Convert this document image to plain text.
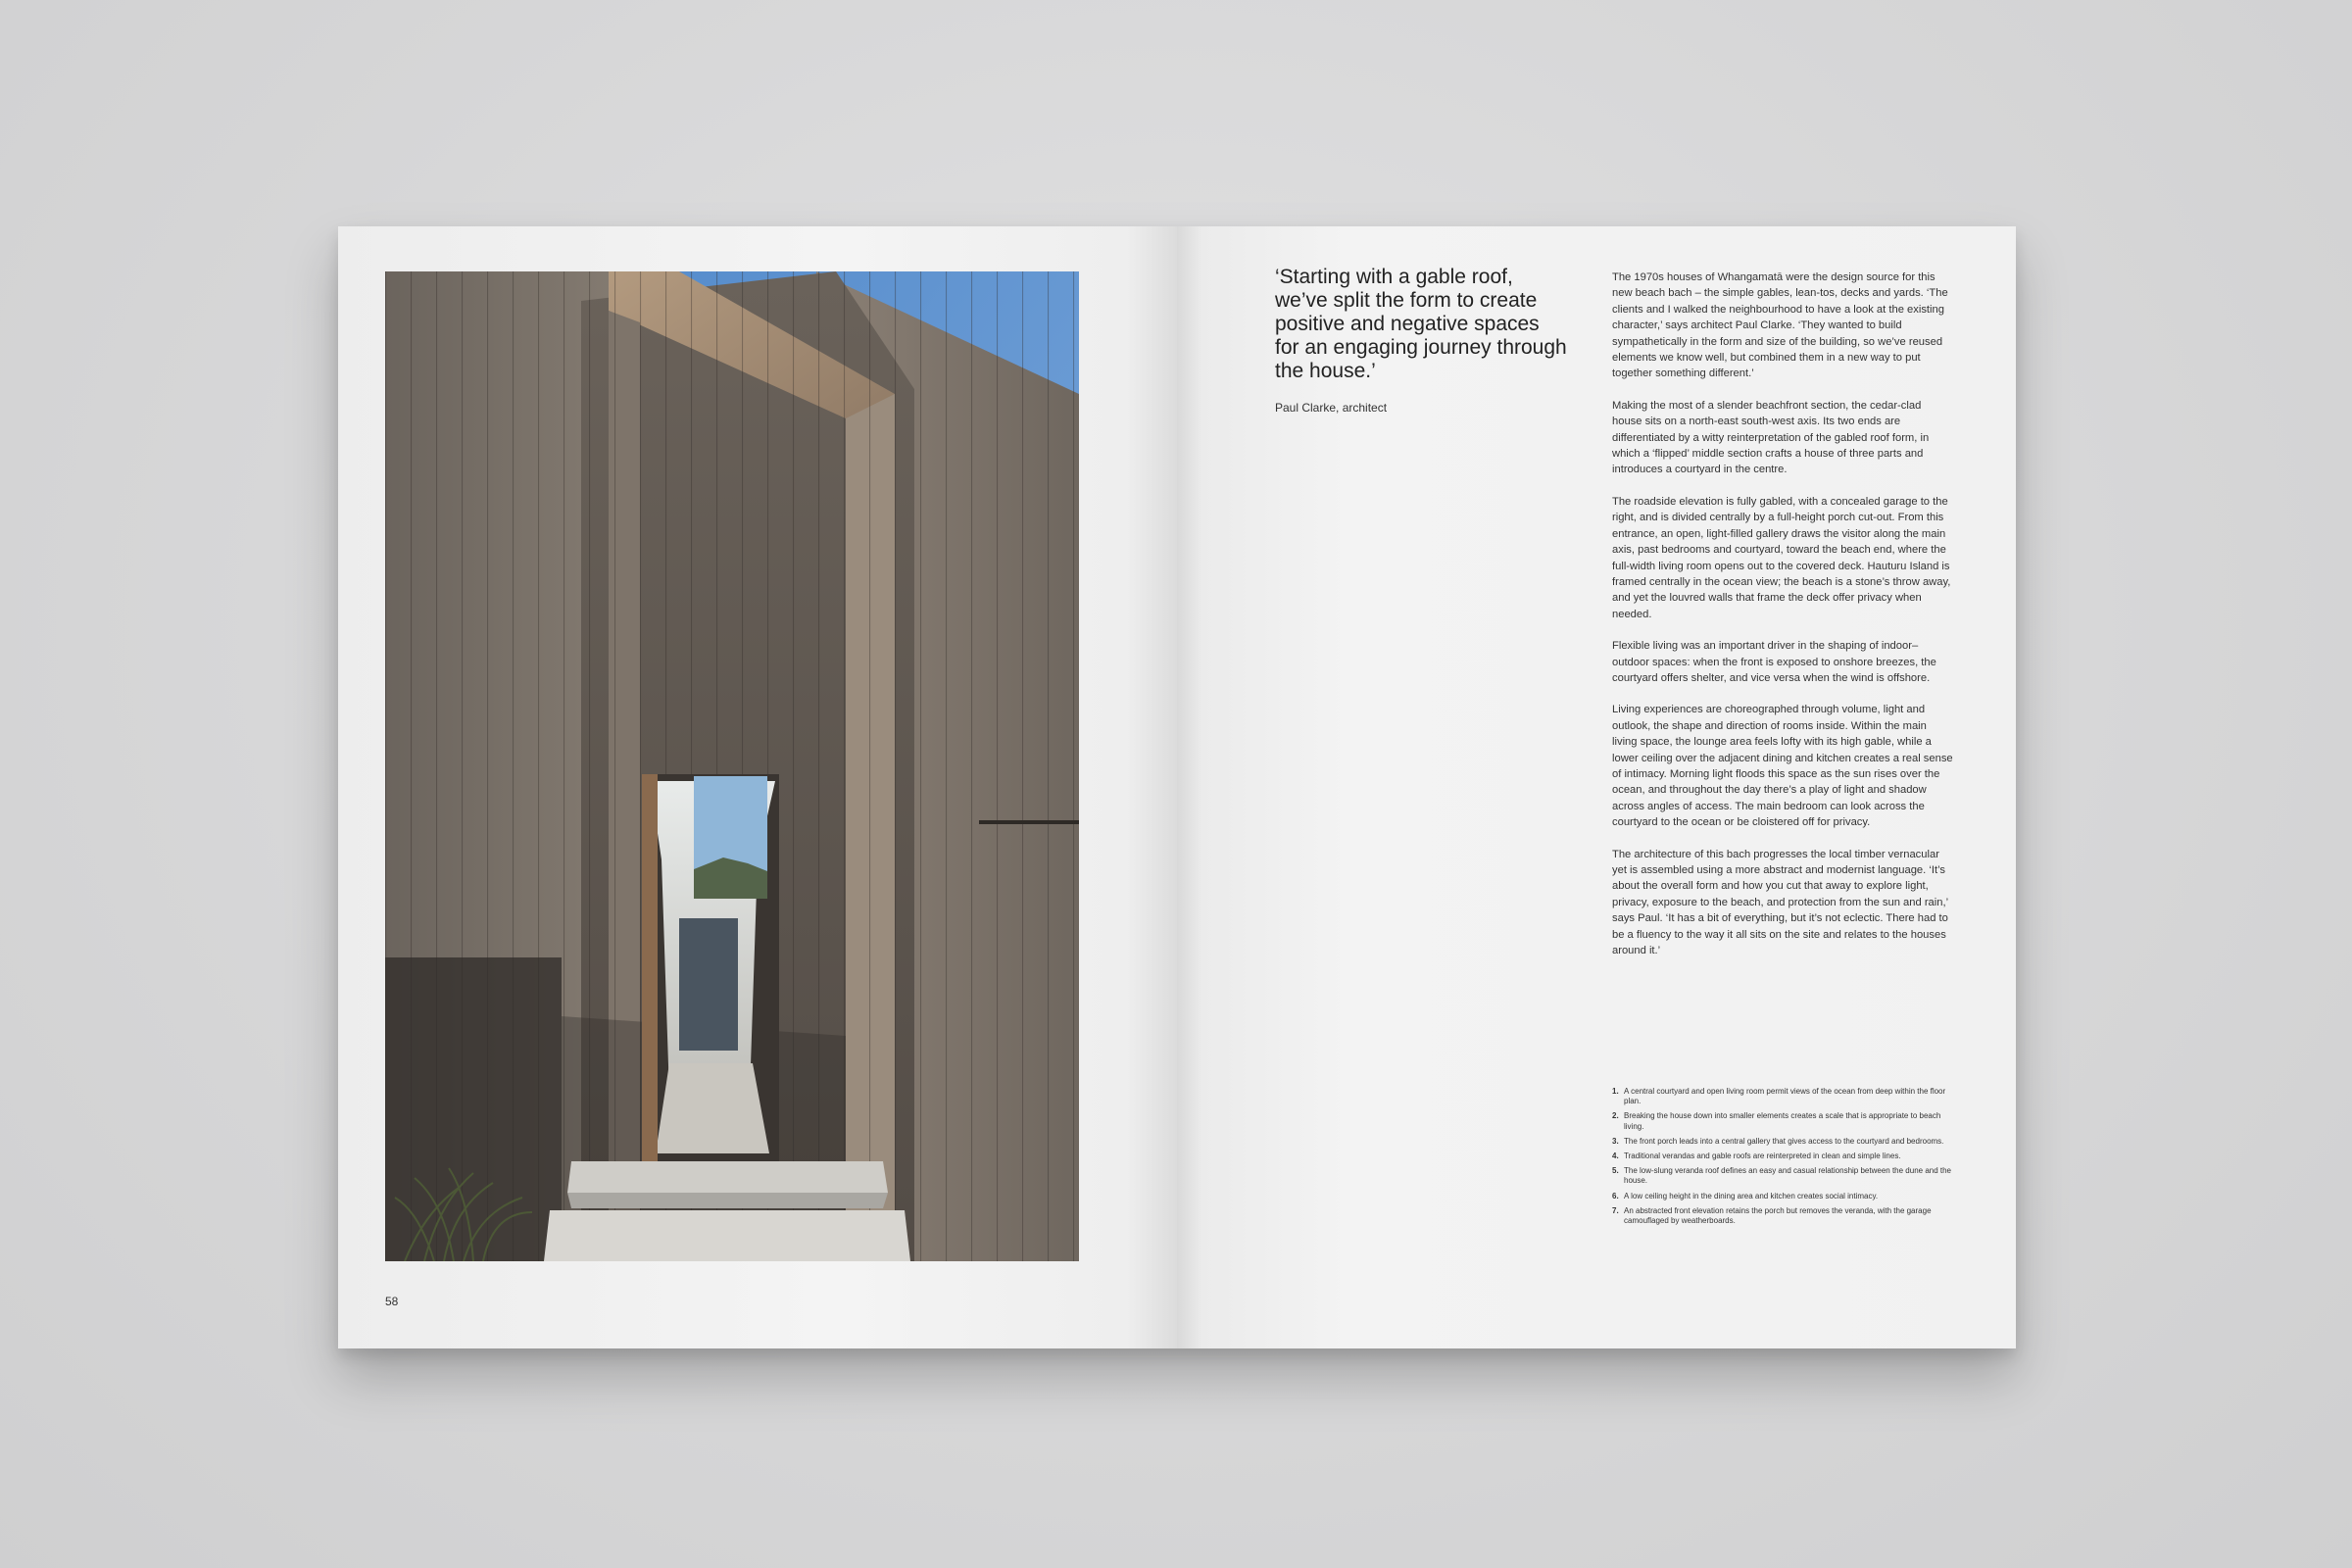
58
‘Starting with a gable roof, we’ve split the form to create positive and negative spaces for an engaging journey through the house.’
Paul Clarke, architect

The 1970s houses of Whangamatā were the design source for this new beach bach – the simple gables, lean-tos, decks and yards. ‘The clients and I walked the neighbourhood to have a look at the existing character,’ says architect Paul Clarke. ‘They wanted to build sympathetically in the form and size of the building, so we’ve reused elements we know well, but combined them in a new way to put together something different.’

Making the most of a slender beachfront section, the cedar-clad house sits on a north-east south-west axis. Its two ends are differentiated by a witty reinterpretation of the gabled roof form, in which a ‘flipped’ middle section crafts a house of three parts and introduces a courtyard in the centre.

The roadside elevation is fully gabled, with a concealed garage to the right, and is divided centrally by a full-height porch cut-out. From this entrance, an open, light-filled gallery draws the visitor along the main axis, past bedrooms and courtyard, toward the beach end, where the full-width living room opens out to the covered deck. Hauturu Island is framed centrally in the ocean view; the beach is a stone’s throw away, and yet the louvred walls that frame the deck offer privacy when needed.

Flexible living was an important driver in the shaping of indoor–outdoor spaces: when the front is exposed to onshore breezes, the courtyard offers shelter, and vice versa when the wind is offshore.

Living experiences are choreographed through volume, light and outlook, the shape and direction of rooms inside. Within the main living space, the lounge area feels lofty with its high gable, while a lower ceiling over the adjacent dining and kitchen creates a real sense of intimacy. Morning light floods this space as the sun rises over the ocean, and throughout the day there’s a play of light and shadow across angles of access. The main bedroom can look across the courtyard to the ocean or be cloistered off for privacy.

The architecture of this bach progresses the local timber vernacular yet is assembled using a more abstract and modernist language. ‘It’s about the overall form and how you cut that away to explore light, privacy, exposure to the beach, and protection from the sun and rain,’ says Paul. ‘It has a bit of everything, but it’s not eclectic. There had to be a fluency to the way it all sits on the site and relates to the houses around it.’

1. A central courtyard and open living room permit views of the ocean from deep within the floor plan.
2. Breaking the house down into smaller elements creates a scale that is appropriate to beach living.
3. The front porch leads into a central gallery that gives access to the courtyard and bedrooms.
4. Traditional verandas and gable roofs are reinterpreted in clean and simple lines.
5. The low-slung veranda roof defines an easy and casual relationship between the dune and the house.
6. A low ceiling height in the dining area and kitchen creates social intimacy.
7. An abstracted front elevation retains the porch but removes the veranda, with the garage camouflaged by weatherboards.
